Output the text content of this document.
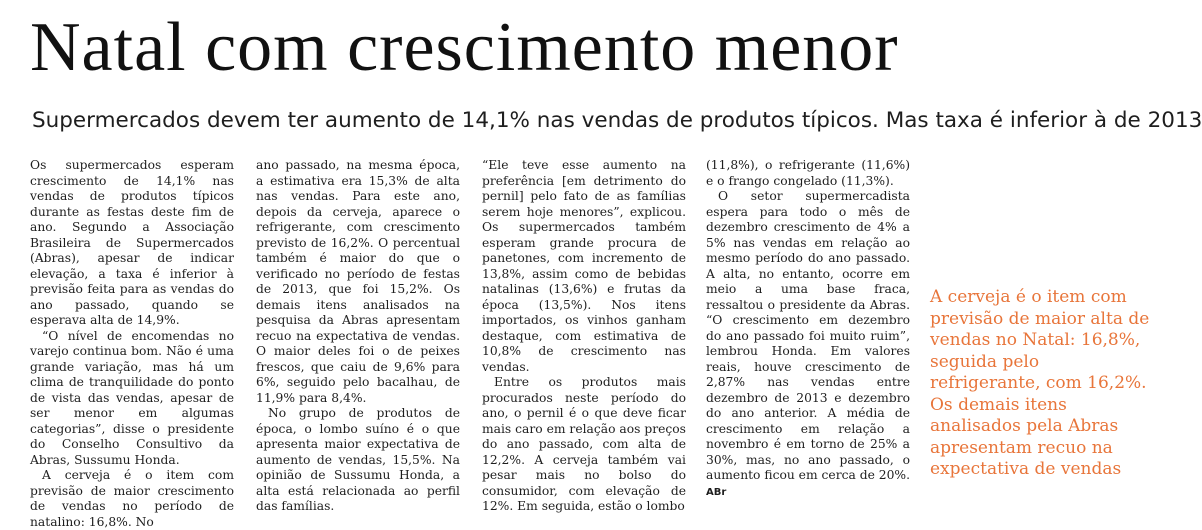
Natal com crescimento menor
Supermercados devem ter aumento de 14,1% nas vendas de produtos típicos. Mas taxa é inferior à de 2013

Os supermercados esperam crescimento de 14,1% nas vendas de produtos típicos durante as festas deste fim de ano. Segundo a Associação Brasileira de Supermercados (Abras), apesar de indicar elevação, a taxa é inferior à previsão feita para as vendas do ano passado, quando se esperava alta de 14,9%.

“O nível de encomendas no varejo continua bom. Não é uma grande variação, mas há um clima de tranquilidade do ponto de vista das vendas, apesar de ser menor em algumas categorias”, disse o presidente do Conselho Consultivo da Abras, Sussumu Honda.

A cerveja é o item com previsão de maior crescimento de vendas no período de natalino: 16,8%. No

ano passado, na mesma época, a estimativa era 15,3% de alta nas vendas. Para este ano, depois da cerveja, aparece o refrigerante, com crescimento previsto de 16,2%. O percentual também é maior do que o verificado no período de festas de 2013, que foi 15,2%. Os demais itens analisados na pesquisa da Abras apresentam recuo na expectativa de vendas. O maior deles foi o de peixes frescos, que caiu de 9,6% para 6%, seguido pelo bacalhau, de 11,9% para 8,4%.

No grupo de produtos de época, o lombo suíno é o que apresenta maior expectativa de aumento de vendas, 15,5%. Na opinião de Sussumu Honda, a alta está relacionada ao perfil das famílias.

“Ele teve esse aumento na preferência [em detrimento do pernil] pelo fato de as famílias serem hoje menores”, explicou. Os supermercados também esperam grande procura de panetones, com incremento de 13,8%, assim como de bebidas natalinas (13,6%) e frutas da época (13,5%). Nos itens importados, os vinhos ganham destaque, com estimativa de 10,8% de crescimento nas vendas.

Entre os produtos mais procurados neste período do ano, o pernil é o que deve ficar mais caro em relação aos preços do ano passado, com alta de 12,2%. A cerveja também vai pesar mais no bolso do consumidor, com elevação de 12%. Em seguida, estão o lombo

(11,8%), o refrigerante (11,6%) e o frango congelado (11,3%).

O setor supermercadista espera para todo o mês de dezembro crescimento de 4% a 5% nas vendas em relação ao mesmo período do ano passado. A alta, no entanto, ocorre em meio a uma base fraca, ressaltou o presidente da Abras. “O crescimento em dezembro do ano passado foi muito ruim”, lembrou Honda. Em valores reais, houve crescimento de 2,87% nas vendas entre dezembro de 2013 e dezembro do ano anterior. A média de crescimento em relação a novembro é em torno de 25% a 30%, mas, no ano passado, o aumento ficou em cerca de 20%. ABr

A cerveja é o item com previsão de maior alta de vendas no Natal: 16,8%, seguida pelo refrigerante, com 16,2%. Os demais itens analisados pela Abras apresentam recuo na expectativa de vendas
